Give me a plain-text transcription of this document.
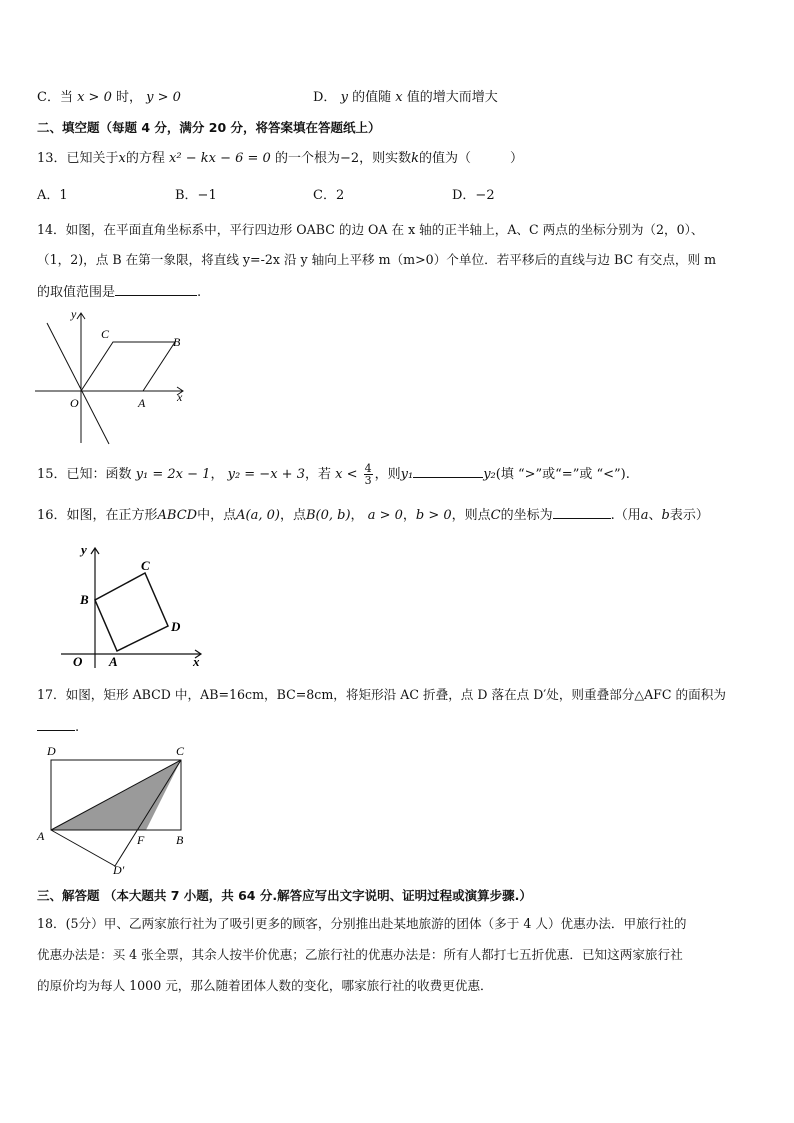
C．当 x > 0 时， y > 0	D． y 的值随 x 值的增大而增大
二、填空题（每题 4 分，满分 20 分，将答案填在答题纸上）
13．已知关于x的方程 x² − kx − 6 = 0 的一个根为−2，则实数k的值为（　　　）
A．1	B．−1	C．2	D．−2
14．如图，在平面直角坐标系中，平行四边形 OABC 的边 OA 在 x 轴的正半轴上，A、C 两点的坐标分别为（2，0）、
（1，2)，点 B 在第一象限，将直线 y=-2x 沿 y 轴向上平移 m（m>0）个单位．若平移后的直线与边 BC 有交点，则 m
的取值范围是	.
y
C
B
O	A	x
15．已知：函数 y₁ = 2x − 1， y₂ = −x + 3，若 $x < \frac{4}{3}$ ，则y₁	y₂(填 “>”或“=”或 “<”).
16．如图，在正方形ABCD中，点A(a, 0)，点B(0, b)， a > 0，b > 0，则点C的坐标为	.（用a、b表示）
y
C
B
D
O A	x
17．如图，矩形 ABCD 中，AB=16cm，BC=8cm，将矩形沿 AC 折叠，点 D 落在点 D′处，则重叠部分△AFC 的面积为
.
D	C
A	F	B
D′
三、解答题 （本大题共 7 小题，共 64 分.解答应写出文字说明、证明过程或演算步骤.）
18．(5分）甲、乙两家旅行社为了吸引更多的顾客，分别推出赴某地旅游的团体（多于 4 人）优惠办法．甲旅行社的
优惠办法是：买 4 张全票，其余人按半价优惠；乙旅行社的优惠办法是：所有人都打七五折优惠．已知这两家旅行社
的原价均为每人 1000 元，那么随着团体人数的变化，哪家旅行社的收费更优惠．
